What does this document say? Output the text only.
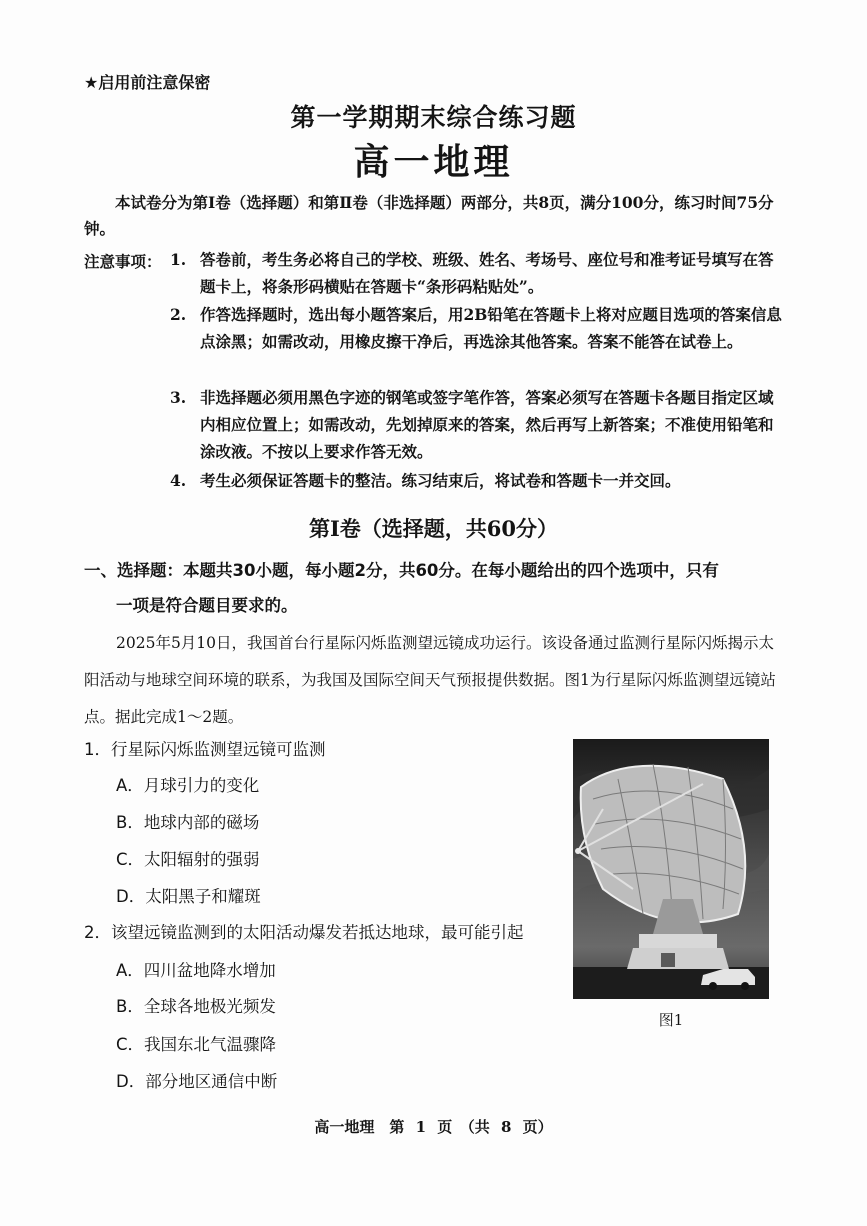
★启用前注意保密
第一学期期末综合练习题
高一地理
本试卷分为第Ⅰ卷（选择题）和第Ⅱ卷（非选择题）两部分，共8页，满分100分，练习时间75分钟。
注意事项： 1. 答卷前，考生务必将自己的学校、班级、姓名、考场号、座位号和准考证号填写在答题卡上，将条形码横贴在答题卡“条形码粘贴处”。
2. 作答选择题时，选出每小题答案后，用2B铅笔在答题卡上将对应题目选项的答案信息点涂黑；如需改动，用橡皮擦干净后，再选涂其他答案。答案不能答在试卷上。
3. 非选择题必须用黑色字迹的钢笔或签字笔作答，答案必须写在答题卡各题目指定区域内相应位置上；如需改动，先划掉原来的答案，然后再写上新答案；不准使用铅笔和涂改液。不按以上要求作答无效。
4. 考生必须保证答题卡的整洁。练习结束后，将试卷和答题卡一并交回。
第Ⅰ卷（选择题，共60分）
一、选择题：本题共30小题，每小题2分，共60分。在每小题给出的四个选项中，只有
一项是符合题目要求的。
2025年5月10日，我国首台行星际闪烁监测望远镜成功运行。该设备通过监测行星际闪烁揭示太阳活动与地球空间环境的联系，为我国及国际空间天气预报提供数据。图1为行星际闪烁监测望远镜站点。据此完成1～2题。
1．行星际闪烁监测望远镜可监测
A．月球引力的变化
B．地球内部的磁场
C．太阳辐射的强弱
D．太阳黑子和耀斑
2．该望远镜监测到的太阳活动爆发若抵达地球，最可能引起
A．四川盆地降水增加
B．全球各地极光频发
C．我国东北气温骤降
D．部分地区通信中断
图1
高一地理　第 1 页　（共 8 页）
